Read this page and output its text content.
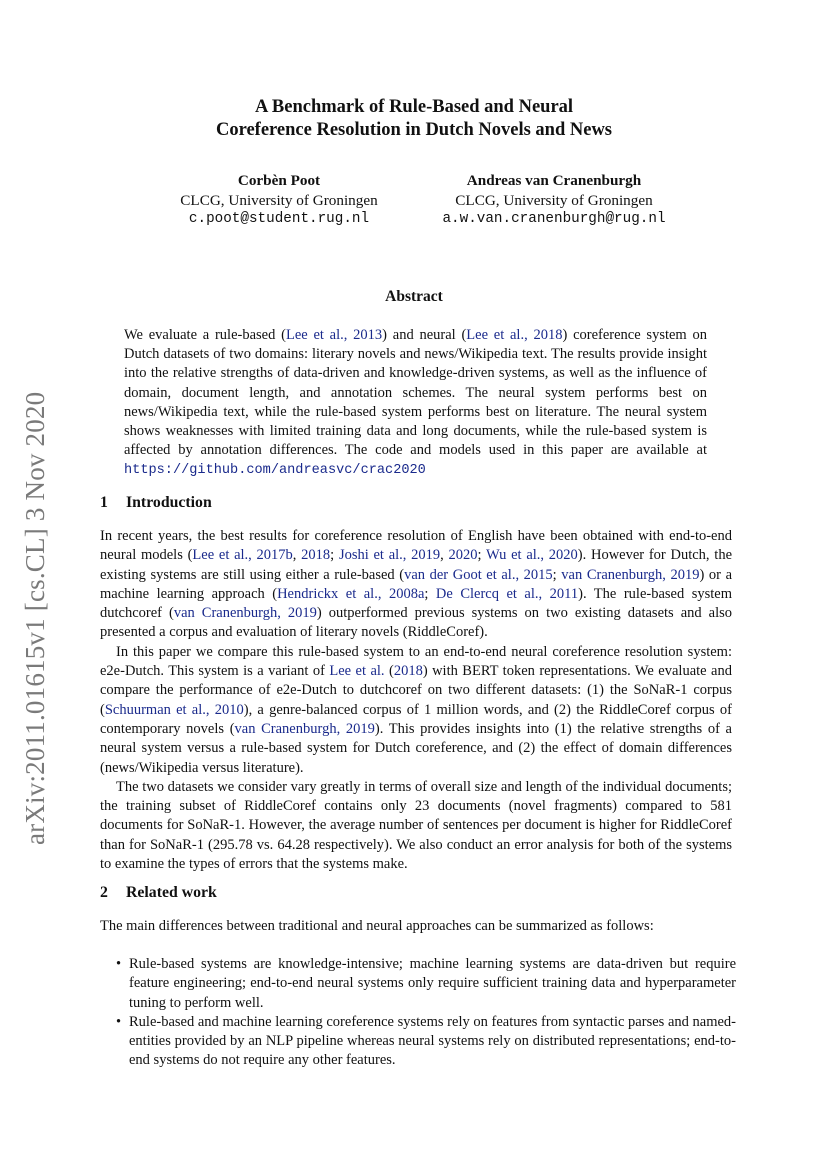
arXiv:2011.01615v1 [cs.CL] 3 Nov 2020
A Benchmark of Rule-Based and Neural
Coreference Resolution in Dutch Novels and News
Corbèn Poot
CLCG, University of Groningen
c.poot@student.rug.nl
Andreas van Cranenburgh
CLCG, University of Groningen
a.w.van.cranenburgh@rug.nl
Abstract
We evaluate a rule-based (Lee et al., 2013) and neural (Lee et al., 2018) coreference system on Dutch datasets of two domains: literary novels and news/Wikipedia text. The results provide insight into the relative strengths of data-driven and knowledge-driven systems, as well as the influence of domain, document length, and annotation schemes. The neural system performs best on news/Wikipedia text, while the rule-based system performs best on literature. The neural system shows weaknesses with limited training data and long documents, while the rule-based system is affected by annotation differences. The code and models used in this paper are available at https://github.com/andreasvc/crac2020
1 Introduction

In recent years, the best results for coreference resolution of English have been obtained with end-to-end neural models (Lee et al., 2017b, 2018; Joshi et al., 2019, 2020; Wu et al., 2020). However for Dutch, the existing systems are still using either a rule-based (van der Goot et al., 2015; van Cranenburgh, 2019) or a machine learning approach (Hendrickx et al., 2008a; De Clercq et al., 2011). The rule-based system dutchcoref (van Cranenburgh, 2019) outperformed previous systems on two existing datasets and also presented a corpus and evaluation of literary novels (RiddleCoref).

In this paper we compare this rule-based system to an end-to-end neural coreference resolution system: e2e-Dutch. This system is a variant of Lee et al. (2018) with BERT token representations. We evaluate and compare the performance of e2e-Dutch to dutchcoref on two different datasets: (1) the SoNaR-1 corpus (Schuurman et al., 2010), a genre-balanced corpus of 1 million words, and (2) the RiddleCoref corpus of contemporary novels (van Cranenburgh, 2019). This provides insights into (1) the relative strengths of a neural system versus a rule-based system for Dutch coreference, and (2) the effect of domain differences (news/Wikipedia versus literature).

The two datasets we consider vary greatly in terms of overall size and length of the individual documents; the training subset of RiddleCoref contains only 23 documents (novel fragments) compared to 581 documents for SoNaR-1. However, the average number of sentences per document is higher for RiddleCoref than for SoNaR-1 (295.78 vs. 64.28 respectively). We also conduct an error analysis for both of the systems to examine the types of errors that the systems make.

2 Related work

The main differences between traditional and neural approaches can be summarized as follows:

• Rule-based systems are knowledge-intensive; machine learning systems are data-driven but require feature engineering; end-to-end neural systems only require sufficient training data and hyperparameter tuning to perform well.
• Rule-based and machine learning coreference systems rely on features from syntactic parses and named-entities provided by an NLP pipeline whereas neural systems rely on distributed representations; end-to-end systems do not require any other features.
